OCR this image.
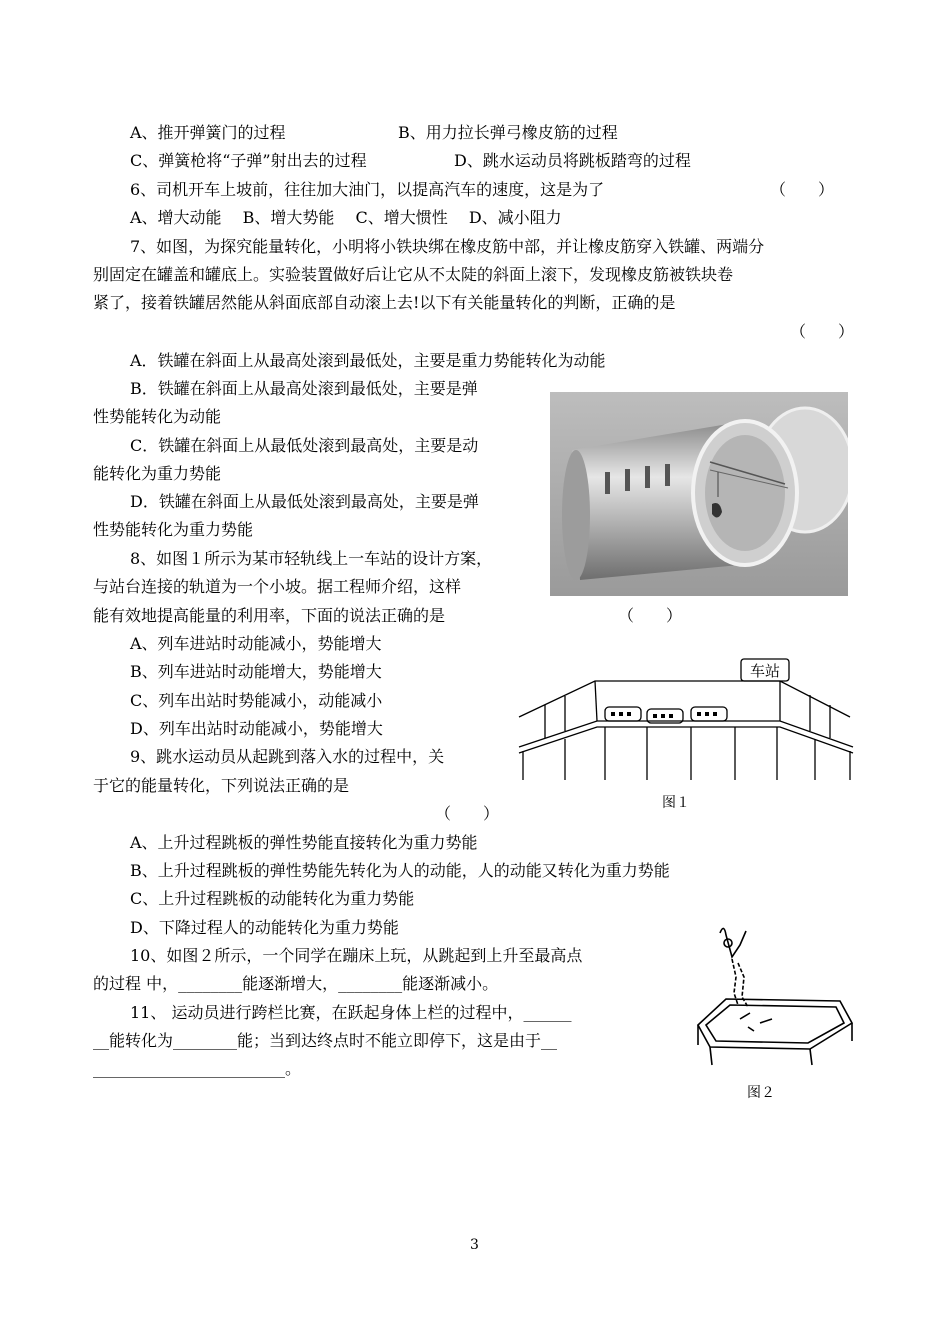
A、推开弹簧门的过程	B、用力拉长弹弓橡皮筋的过程
C、弹簧枪将“子弹”射出去的过程	D、跳水运动员将跳板踏弯的过程
6、司机开车上坡前，往往加大油门，以提高汽车的速度，这是为了	（　　）
A、增大动能　 B、增大势能　 C、增大惯性　 D、减小阻力
7、如图，为探究能量转化，小明将小铁块绑在橡皮筋中部，并让橡皮筋穿入铁罐、两端分
别固定在罐盖和罐底上。实验装置做好后让它从不太陡的斜面上滚下，发现橡皮筋被铁块卷
紧了，接着铁罐居然能从斜面底部自动滚上去!以下有关能量转化的判断，正确的是
（　　）
A．铁罐在斜面上从最高处滚到最低处，主要是重力势能转化为动能
B．铁罐在斜面上从最高处滚到最低处，主要是弹
性势能转化为动能
C．铁罐在斜面上从最低处滚到最高处，主要是动
能转化为重力势能
D．铁罐在斜面上从最低处滚到最高处，主要是弹
性势能转化为重力势能
8、如图１所示为某市轻轨线上一车站的设计方案，
与站台连接的轨道为一个小坡。据工程师介绍，这样
能有效地提高能量的利用率，下面的说法正确的是	（　　）
A、列车进站时动能减小，势能增大
B、列车进站时动能增大，势能增大
C、列车出站时势能减小，动能减小
D、列车出站时动能减小，势能增大
9、跳水运动员从起跳到落入水的过程中，关
于它的能量转化，下列说法正确的是
（　　）
A、上升过程跳板的弹性势能直接转化为重力势能
B、上升过程跳板的弹性势能先转化为人的动能，人的动能又转化为重力势能
C、上升过程跳板的动能转化为重力势能
D、下降过程人的动能转化为重力势能
10、如图２所示，一个同学在蹦床上玩，从跳起到上升至最高点
的过程 中，________能逐渐增大，________能逐渐减小。
11、 运动员进行跨栏比赛，在跃起身体上栏的过程中，______
__能转化为________能；当到达终点时不能立即停下，这是由于__
________________________。
车站
图１
图２
3
